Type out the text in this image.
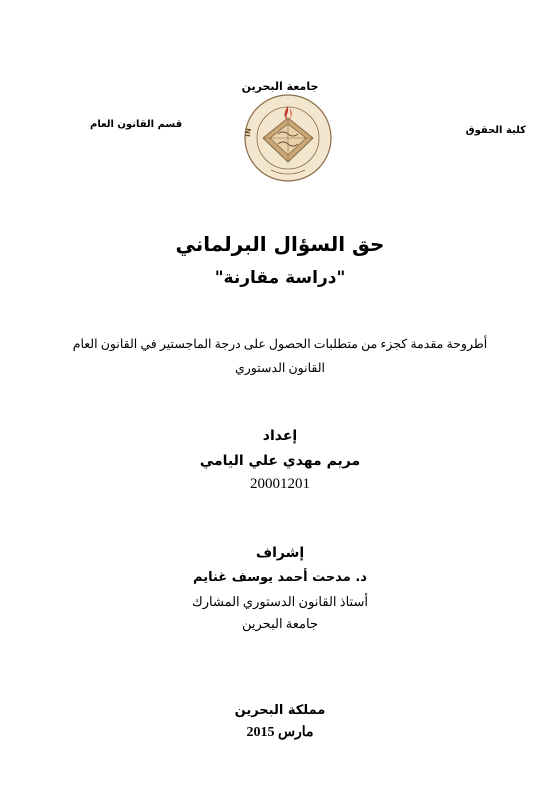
جامعة البحرين
كلية الحقوق
قسم القانون العام
IN
حق السؤال البرلماني
"دراسة مقارنة"
أطروحة مقدمة كجزء من متطلبات الحصول على درجة الماجستير في القانون العام
القانون الدستوري
إعداد
مريم مهدي علي اليامي
20001201
إشراف
د. مدحت أحمد يوسف غنايم
أستاذ القانون الدستوري المشارك
جامعة البحرين
مملكة البحرين
مارس 2015
